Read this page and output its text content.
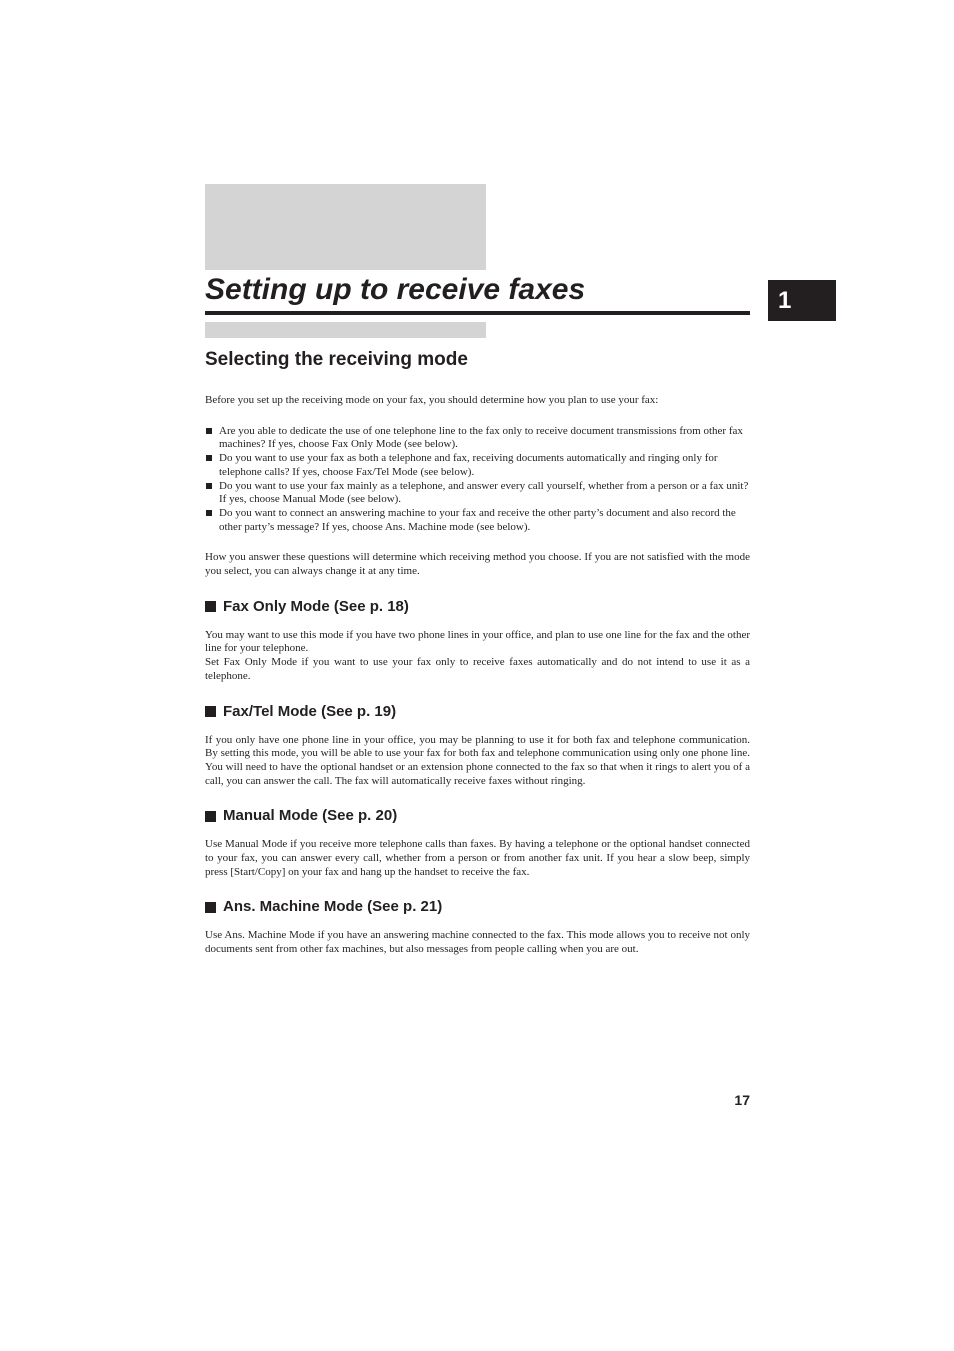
Setting up to receive faxes	1
Selecting the receiving mode

Before you set up the receiving mode on your fax, you should determine how you plan to use your fax:

Are you able to dedicate the use of one telephone line to the fax only to receive document transmissions from other fax machines? If yes, choose Fax Only Mode (see below).
Do you want to use your fax as both a telephone and fax, receiving documents automatically and ringing only for telephone calls? If yes, choose Fax/Tel Mode (see below).
Do you want to use your fax mainly as a telephone, and answer every call yourself, whether from a person or a fax unit? If yes, choose Manual Mode (see below).
Do you want to connect an answering machine to your fax and receive the other party’s document and also record the other party’s message? If yes, choose Ans. Machine mode (see below).

How you answer these questions will determine which receiving method you choose. If you are not satisfied with the mode you select, you can always change it at any time.

Fax Only Mode (See p. 18)

You may want to use this mode if you have two phone lines in your office, and plan to use one line for the fax and the other line for your telephone.

Set Fax Only Mode if you want to use your fax only to receive faxes automatically and do not intend to use it as a telephone.

Fax/Tel Mode (See p. 19)

If you only have one phone line in your office, you may be planning to use it for both fax and telephone communication. By setting this mode, you will be able to use your fax for both fax and telephone communication using only one phone line. You will need to have the optional handset or an extension phone connected to the fax so that when it rings to alert you of a call, you can answer the call. The fax will automatically receive faxes without ringing.

Manual Mode (See p. 20)

Use Manual Mode if you receive more telephone calls than faxes. By having a telephone or the optional handset connected to your fax, you can answer every call, whether from a person or from another fax unit. If you hear a slow beep, simply press [Start/Copy] on your fax and hang up the handset to receive the fax.

Ans. Machine Mode (See p. 21)

Use Ans. Machine Mode if you have an answering machine connected to the fax. This mode allows you to receive not only documents sent from other fax machines, but also messages from people calling when you are out.

17
